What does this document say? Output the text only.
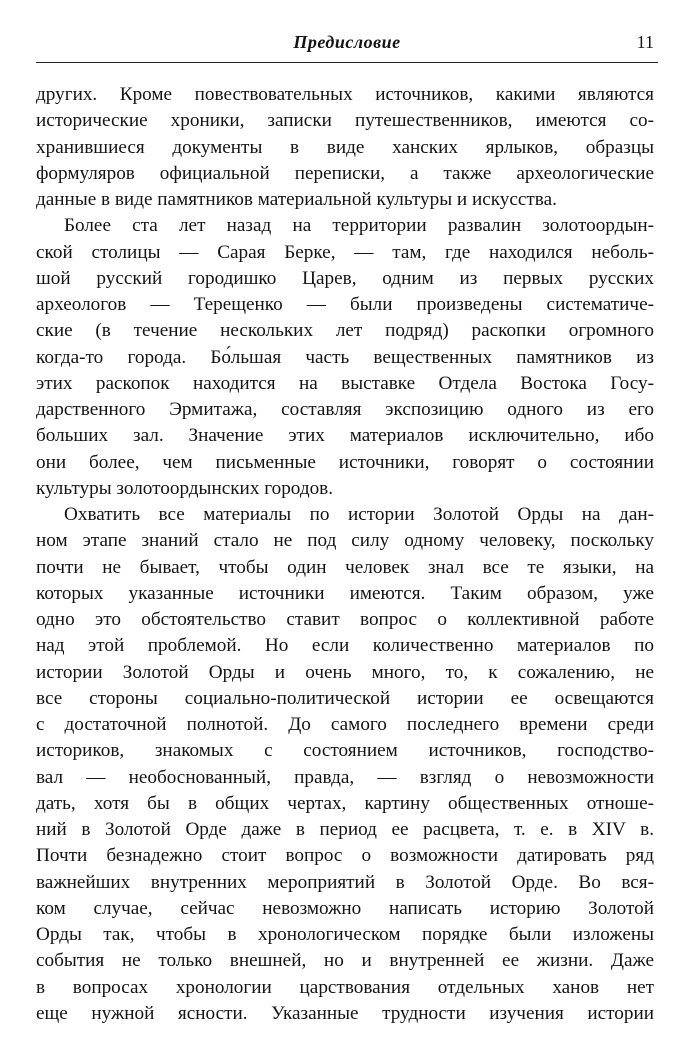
Предисловие	11
других. Кроме повествовательных источников, какими являются
исторические хроники, записки путешественников, имеются со-
хранившиеся документы в виде ханских ярлыков, образцы
формуляров официальной переписки, а также археологические
данные в виде памятников материальной культуры и искусства.
Более ста лет назад на территории развалин золотоордын-
ской столицы — Сарая Берке, — там, где находился неболь-
шой русский городишко Царев, одним из первых русских
археологов — Терещенко — были произведены систематиче-
ские (в течение нескольких лет подряд) раскопки огромного
когда-то города. Бо́льшая часть вещественных памятников из
этих раскопок находится на выставке Отдела Востока Госу-
дарственного Эрмитажа, составляя экспозицию одного из его
больших зал. Значение этих материалов исключительно, ибо
они более, чем письменные источники, говорят о состоянии
культуры золотоордынских городов.
Охватить все материалы по истории Золотой Орды на дан-
ном этапе знаний стало не под силу одному человеку, поскольку
почти не бывает, чтобы один человек знал все те языки, на
которых указанные источники имеются. Таким образом, уже
одно это обстоятельство ставит вопрос о коллективной работе
над этой проблемой. Но если количественно материалов по
истории Золотой Орды и очень много, то, к сожалению, не
все стороны социально-политической истории ее освещаются
с достаточной полнотой. До самого последнего времени среди
историков, знакомых с состоянием источников, господство-
вал — необоснованный, правда, — взгляд о невозможности
дать, хотя бы в общих чертах, картину общественных отноше-
ний в Золотой Орде даже в период ее расцвета, т. е. в XIV в.
Почти безнадежно стоит вопрос о возможности датировать ряд
важнейших внутренних мероприятий в Золотой Орде. Во вся-
ком случае, сейчас невозможно написать историю Золотой
Орды так, чтобы в хронологическом порядке были изложены
события не только внешней, но и внутренней ее жизни. Даже
в вопросах хронологии царствования отдельных ханов нет
еще нужной ясности. Указанные трудности изучения истории
